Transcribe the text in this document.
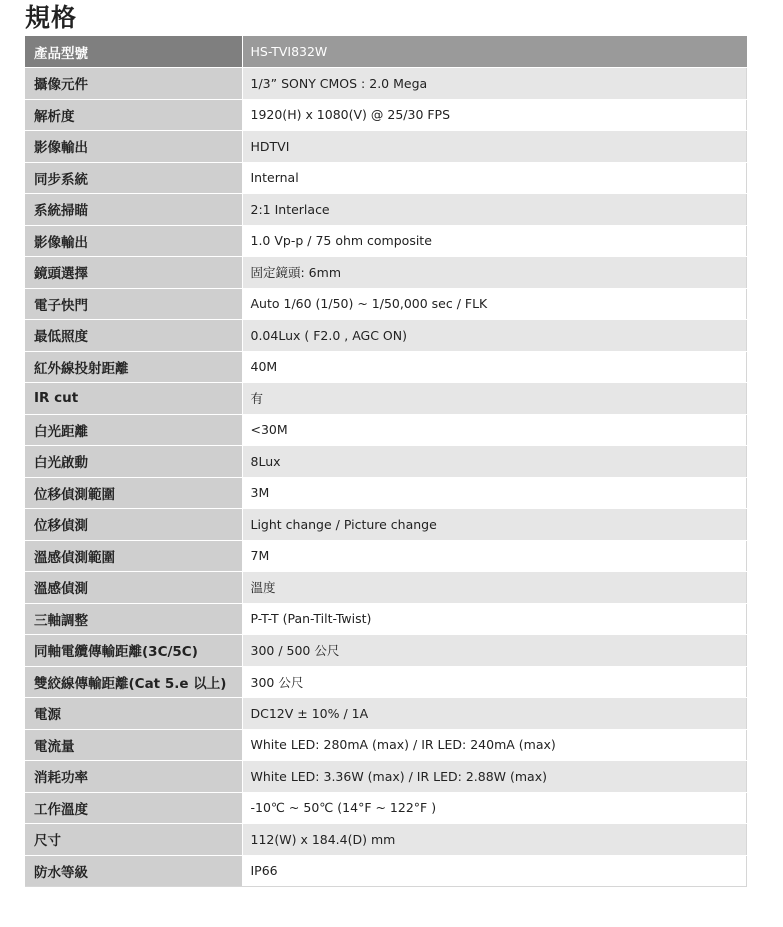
規格
產品型號	HS-TVI832W
攝像元件	1/3” SONY CMOS : 2.0 Mega
解析度	1920(H) x 1080(V) @ 25/30 FPS
影像輸出	HDTVI
同步系統	Internal
系統掃瞄	2:1 Interlace
影像輸出	1.0 Vp-p / 75 ohm composite
鏡頭選擇	固定鏡頭: 6mm
電子快門	Auto 1/60 (1/50) ~ 1/50,000 sec / FLK
最低照度	0.04Lux ( F2.0 , AGC ON)
紅外線投射距離	40M
IR cut	有
白光距離	<30M
白光啟動	8Lux
位移偵測範圍	3M
位移偵測	Light change / Picture change
溫感偵測範圍	7M
溫感偵測	溫度
三軸調整	P-T-T (Pan-Tilt-Twist)
同軸電纜傳輸距離(3C/5C)	300 / 500 公尺
雙絞線傳輸距離(Cat 5.e 以上)	300 公尺
電源	DC12V ± 10% / 1A
電流量	White LED: 280mA (max) / IR LED: 240mA (max)
消耗功率	White LED: 3.36W (max) / IR LED: 2.88W (max)
工作溫度	-10℃ ~ 50℃ (14°F ~ 122°F )
尺寸	112(W) x 184.4(D) mm
防水等級	IP66
